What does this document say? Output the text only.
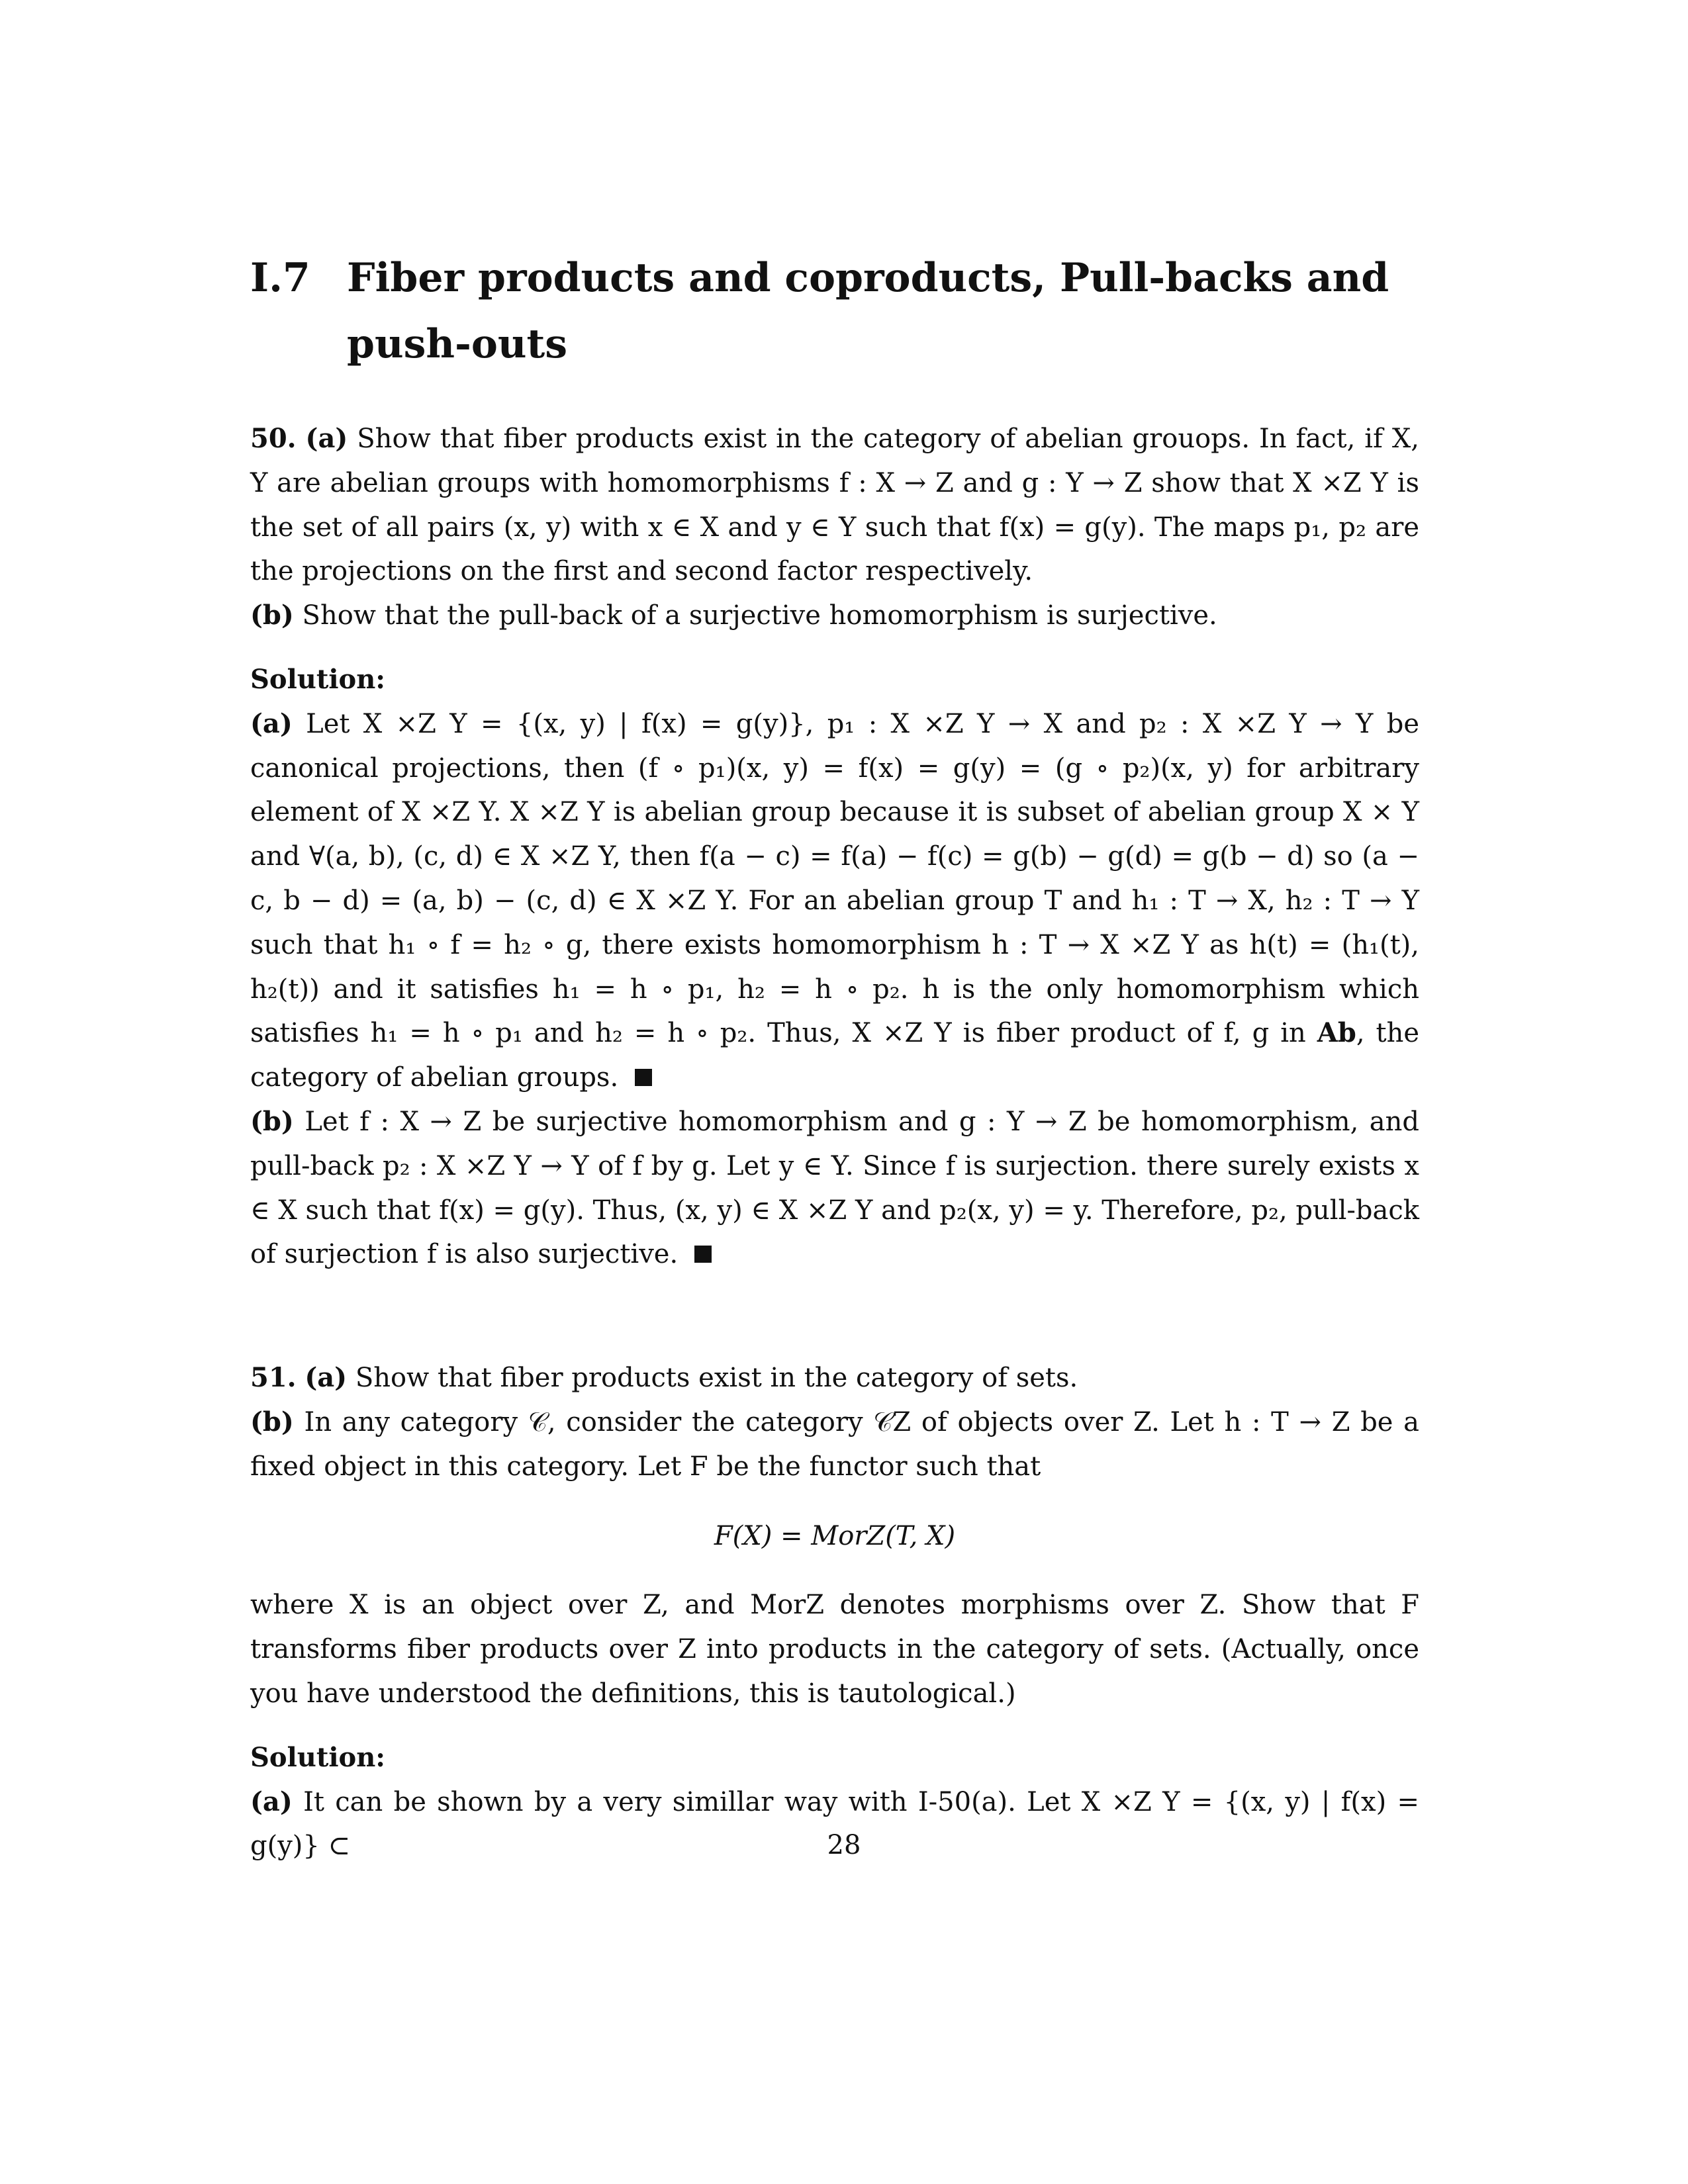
I.7 Fiber products and coproducts, Pull-backs and push-outs

50. (a) Show that fiber products exist in the category of abelian grouops. In fact, if X, Y are abelian groups with homomorphisms f : X → Z and g : Y → Z show that X ×Z Y is the set of all pairs (x, y) with x ∈ X and y ∈ Y such that f(x) = g(y). The maps p₁, p₂ are the projections on the first and second factor respectively.

(b) Show that the pull-back of a surjective homomorphism is surjective.

Solution:

(a) Let X ×Z Y = {(x, y) | f(x) = g(y)}, p₁ : X ×Z Y → X and p₂ : X ×Z Y → Y be canonical projections, then (f ∘ p₁)(x, y) = f(x) = g(y) = (g ∘ p₂)(x, y) for arbitrary element of X ×Z Y. X ×Z Y is abelian group because it is subset of abelian group X × Y and ∀(a, b), (c, d) ∈ X ×Z Y, then f(a − c) = f(a) − f(c) = g(b) − g(d) = g(b − d) so (a − c, b − d) = (a, b) − (c, d) ∈ X ×Z Y. For an abelian group T and h₁ : T → X, h₂ : T → Y such that h₁ ∘ f = h₂ ∘ g, there exists homomorphism h : T → X ×Z Y as h(t) = (h₁(t), h₂(t)) and it satisfies h₁ = h ∘ p₁, h₂ = h ∘ p₂. h is the only homomorphism which satisfies h₁ = h ∘ p₁ and h₂ = h ∘ p₂. Thus, X ×Z Y is fiber product of f, g in Ab, the category of abelian groups.

(b) Let f : X → Z be surjective homomorphism and g : Y → Z be homomorphism, and pull-back p₂ : X ×Z Y → Y of f by g. Let y ∈ Y. Since f is surjection. there surely exists x ∈ X such that f(x) = g(y). Thus, (x, y) ∈ X ×Z Y and p₂(x, y) = y. Therefore, p₂, pull-back of surjection f is also surjective.

51. (a) Show that fiber products exist in the category of sets.

(b) In any category 𝒞, consider the category 𝒞Z of objects over Z. Let h : T → Z be a fixed object in this category. Let F be the functor such that

F(X) = MorZ(T, X)

where X is an object over Z, and MorZ denotes morphisms over Z. Show that F transforms fiber products over Z into products in the category of sets. (Actually, once you have understood the definitions, this is tautological.)

Solution:

(a) It can be shown by a very simillar way with I-50(a). Let X ×Z Y = {(x, y) | f(x) = g(y)} ⊂	28
